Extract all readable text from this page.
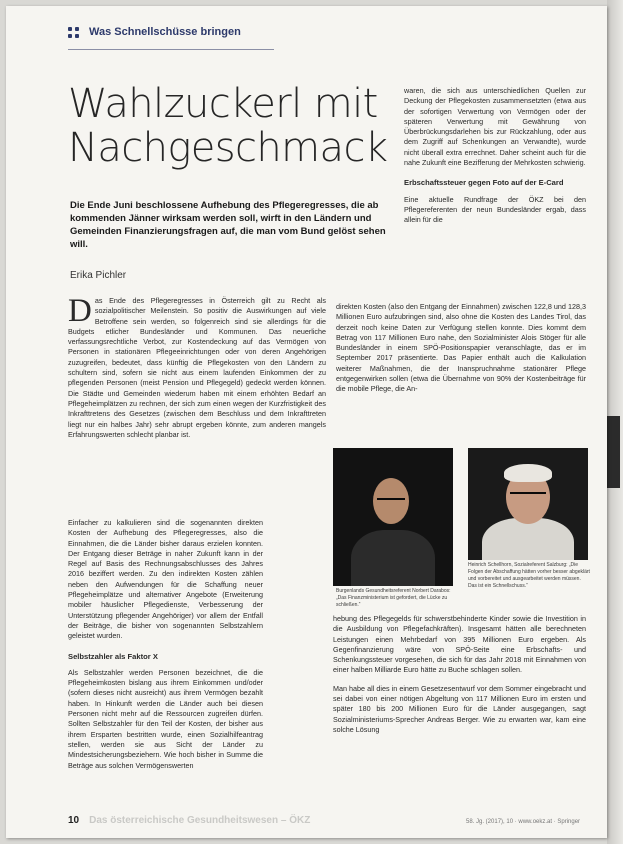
Was Schnellschüsse bringen
Wahlzuckerl mit
Nachgeschmack
Die Ende Juni beschlossene Aufhebung des Pflegeregresses, die ab kommenden Jänner wirksam werden soll, wirft in den Ländern und Gemeinden Finanzierungsfragen auf, die man vom Bund gelöst sehen will.
Erika Pichler

Das Ende des Pflegeregresses in Österreich gilt zu Recht als sozialpolitischer Meilenstein. So positiv die Auswirkungen auf viele Betroffene sein werden, so folgenreich sind sie allerdings für die Budgets etlicher Bundesländer und Kommunen. Das neuerliche verfassungsrechtliche Verbot, zur Kostendeckung auf das Vermögen von Personen in stationären Pflegeeinrichtungen oder von deren Angehörigen zuzugreifen, bedeutet, dass künftig die Pflegekosten von den Ländern zu schultern sind, sofern sie nicht aus einem laufenden Einkommen der zu pflegenden Personen (meist Pension und Pflegegeld) gedeckt werden können. Die Städte und Gemeinden wiederum haben mit einem erhöhten Bedarf an Pflegeheimplätzen zu rechnen, der sich zum einen wegen der Kurzfristigkeit des Inkrafttretens des Gesetzes (zwischen dem Beschluss und dem Inkrafttreten liegt nur ein halbes Jahr) sehr abrupt ergeben könnte, zum anderen mangels Erfahrungswerten schlecht planbar ist.

Einfacher zu kalkulieren sind die sogenannten direkten Kosten der Aufhebung des Pflegeregresses, also die Einnahmen, die die Länder bisher daraus erzielen konnten. Der Entgang dieser Beträge in naher Zukunft kann in der Regel auf Basis des Rechnungsabschlusses des Jahres 2016 beziffert werden. Zu den indirekten Kosten zählen neben den Aufwendungen für die Schaffung neuer Pflegeheimplätze und alternativer Angebote (Erweiterung mobiler häuslicher Pflegedienste, Verbesserung der Unterstützung pflegender Angehöriger) vor allem der Entfall der Beiträge, die bisher von sogenannten Selbstzahlern geleistet wurden.

Selbstzahler als Faktor X

Als Selbstzahler werden Personen bezeichnet, die die Pflegeheimkosten bislang aus ihrem Einkommen und/oder (sofern dieses nicht ausreicht) aus ihrem Vermögen bezahlt haben. In Hinkunft werden die Länder auch bei diesen Personen nicht mehr auf die Ressourcen zugreifen dürfen. Sollten Selbstzahler für den Teil der Kosten, der bisher aus ihrem Ersparten bestritten wurde, einen Sozialhilfeantrag stellen, werden sie aus Sicht der Länder zu Mindestsicherungsbeziehern. Wie hoch bisher in Summe die Beträge aus solchen Vermögenswerten

waren, die sich aus unterschiedlichen Quellen zur Deckung der Pflegekosten zusammensetzten (etwa aus der sofortigen Verwertung von Vermögen oder der späteren Verwertung mit Gewährung von Überbrückungsdarlehen bis zur Rückzahlung, oder aus dem Zugriff auf Schenkungen an Verwandte), wurde nicht überall extra errechnet. Daher scheint auch für die nahe Zukunft eine Bezifferung der Mehrkosten schwierig.

Erbschaftssteuer gegen Foto auf der E-Card

Eine aktuelle Rundfrage der ÖKZ bei den Pflegereferenten der neun Bundesländer ergab, dass allein für die

direkten Kosten (also den Entgang der Einnahmen) zwischen 122,8 und 128,3 Millionen Euro aufzubringen sind, also ohne die Kosten des Landes Tirol, das derzeit noch keine Daten zur Verfügung stellen konnte. Dies kommt dem Betrag von 117 Millionen Euro nahe, den Sozialminister Alois Stöger für alle Bundesländer in einem SPÖ-Positionspapier veranschlagte, das er im September 2017 präsentierte. Das Papier enthält auch die Kalkulation weiterer Maßnahmen, die der Inanspruchnahme stationärer Pflege entgegenwirken sollen (etwa die Übernahme von 90% der Kostenbeiträge für die mobile Pflege, die An-
Burgenlands Gesundheitsreferent Norbert Darabos: „Das Finanzministerium ist gefordert, die Lücke zu schließen.“
Heinrich Schellhorn, Sozialreferent Salzburg: „Die Folgen der Abschaffung hätten vorher besser abgeklärt und vorbereitet und ausgearbeitet werden müssen. Das ist ein Schnellschuss.“

hebung des Pflegegelds für schwerstbehinderte Kinder sowie die Investition in die Ausbildung von Pflegefachkräften). Insgesamt hätten alle berechneten Leistungen einen Mehrbedarf von 395 Millionen Euro ergeben. Als Gegenfinanzierung wäre von SPÖ-Seite eine Erbschafts- und Schenkungssteuer vorgesehen, die sich für das Jahr 2018 mit Einnahmen von einer halben Milliarde Euro hätte zu Buche schlagen sollen.

Man habe all dies in einem Gesetzesentwurf vor dem Sommer eingebracht und sei dabei von einer nötigen Abgeltung von 117 Millionen Euro im ersten und später 180 bis 200 Millionen Euro für die Länder ausgegangen, sagt Sozialministeriums-Sprecher Andreas Berger. Wie zu erwarten war, kam eine solche Lösung

10 Das österreichische Gesundheitswesen – ÖKZ	58. Jg. (2017), 10 · www.oekz.at · Springer
